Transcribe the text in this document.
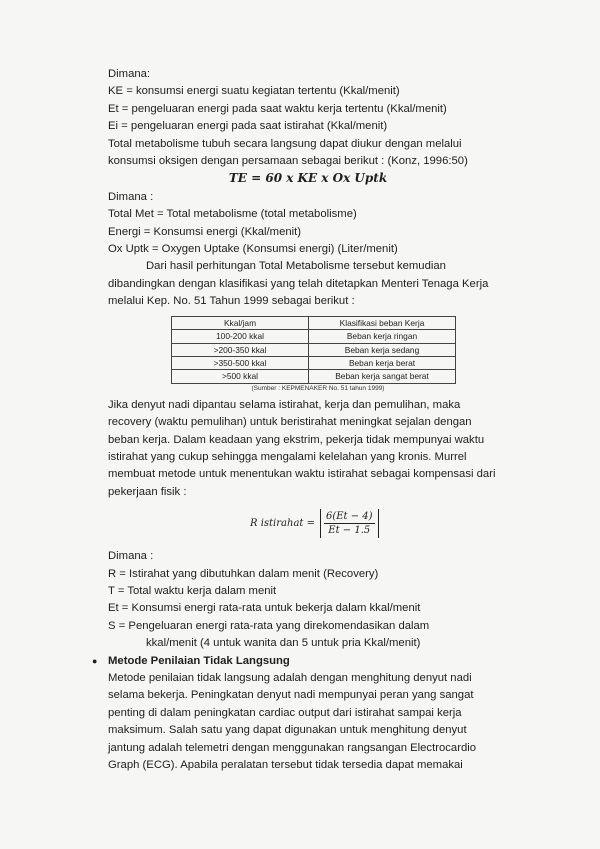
Dimana:
KE = konsumsi energi suatu kegiatan tertentu (Kkal/menit)
Et = pengeluaran energi pada saat waktu kerja tertentu (Kkal/menit)
Ei = pengeluaran energi pada saat istirahat (Kkal/menit)
Total metabolisme tubuh secara langsung dapat diukur dengan melalui
konsumsi oksigen dengan persamaan sebagai berikut : (Konz, 1996:50)
TE = 60 x KE x Ox Uptk
Dimana :
Total Met = Total metabolisme (total metabolisme)
Energi = Konsumsi energi (Kkal/menit)
Ox Uptk = Oxygen Uptake (Konsumsi energi) (Liter/menit)
Dari hasil perhitungan Total Metabolisme tersebut kemudian
dibandingkan dengan klasifikasi yang telah ditetapkan Menteri Tenaga Kerja
melalui Kep. No. 51 Tahun 1999 sebagai berikut :
Kkal/jam	Klasifikasi beban Kerja
100-200 kkal	Beban kerja ringan
>200-350 kkal	Beban kerja sedang
>350-500 kkal	Beban kerja berat
>500 kkal	Beban kerja sangat berat
(Sumber : KEPMENAKER No. 51 tahun 1999)
Jika denyut nadi dipantau selama istirahat, kerja dan pemulihan, maka
recovery (waktu pemulihan) untuk beristirahat meningkat sejalan dengan
beban kerja. Dalam keadaan yang ekstrim, pekerja tidak mempunyai waktu
istirahat yang cukup sehingga mengalami kelelahan yang kronis. Murrel
membuat metode untuk menentukan waktu istirahat sebagai kompensasi dari
pekerjaan fisik :
R istirahat = $\frac{6(Et - 4)}{Et - 1.5}$
Dimana :
R = Istirahat yang dibutuhkan dalam menit (Recovery)
T = Total waktu kerja dalam menit
Et = Konsumsi energi rata-rata untuk bekerja dalam kkal/menit
S = Pengeluaran energi rata-rata yang direkomendasikan dalam
kkal/menit (4 untuk wanita dan 5 untuk pria Kkal/menit)
● Metode Penilaian Tidak Langsung
Metode penilaian tidak langsung adalah dengan menghitung denyut nadi
selama bekerja. Peningkatan denyut nadi mempunyai peran yang sangat
penting di dalam peningkatan cardiac output dari istirahat sampai kerja
maksimum. Salah satu yang dapat digunakan untuk menghitung denyut
jantung adalah telemetri dengan menggunakan rangsangan Electrocardio
Graph (ECG). Apabila peralatan tersebut tidak tersedia dapat memakai
